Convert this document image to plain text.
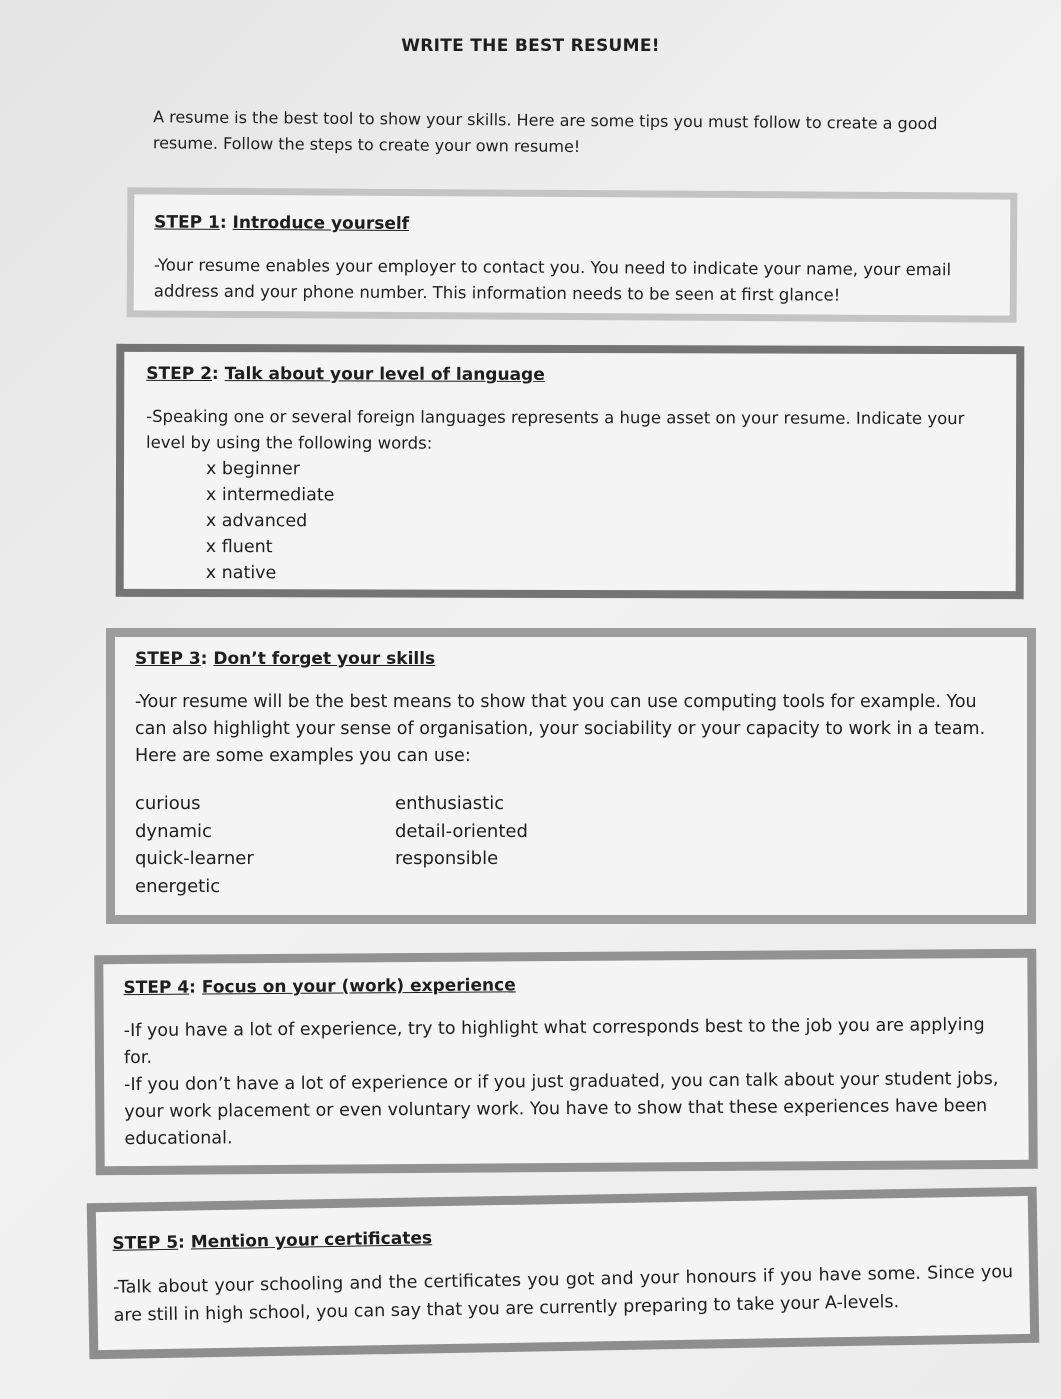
WRITE THE BEST RESUME!
A resume is the best tool to show your skills. Here are some tips you must follow to create a good resume. Follow the steps to create your own resume!
STEP 1: Introduce yourself
-Your resume enables your employer to contact you. You need to indicate your name, your email address and your phone number. This information needs to be seen at first glance!
STEP 2: Talk about your level of language
-Speaking one or several foreign languages represents a huge asset on your resume. Indicate your level by using the following words:
x beginner
x intermediate
x advanced
x fluent
x native
STEP 3: Don’t forget your skills
-Your resume will be the best means to show that you can use computing tools for example. You can also highlight your sense of organisation, your sociability or your capacity to work in a team. Here are some examples you can use:
curious	enthusiastic
dynamic	detail-oriented
quick-learner	responsible
energetic
STEP 4: Focus on your (work) experience

-If you have a lot of experience, try to highlight what corresponds best to the job you are applying for.

-If you don’t have a lot of experience or if you just graduated, you can talk about your student jobs, your work placement or even voluntary work. You have to show that these experiences have been educational.

STEP 5: Mention your certificates
-Talk about your schooling and the certificates you got and your honours if you have some. Since you are still in high school, you can say that you are currently preparing to take your A-levels.
